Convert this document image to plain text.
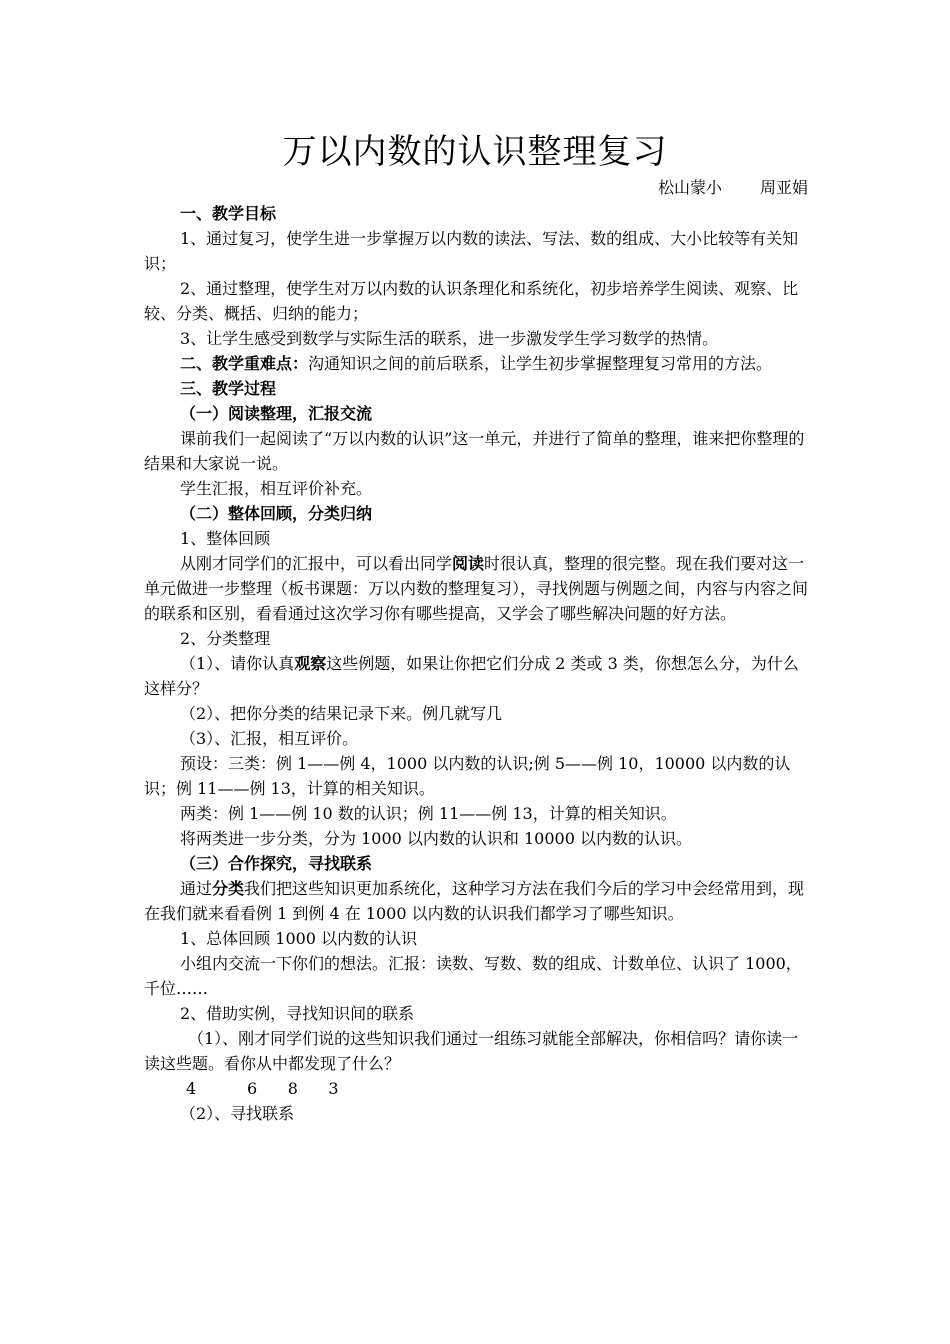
万以内数的认识整理复习
松山蒙小 周亚娟

一、教学目标

1、通过复习，使学生进一步掌握万以内数的读法、写法、数的组成、大小比较等有关知识；

2、通过整理，使学生对万以内数的认识条理化和系统化，初步培养学生阅读、观察、比较、分类、概括、归纳的能力；

3、让学生感受到数学与实际生活的联系，进一步激发学生学习数学的热情。

二、教学重难点：沟通知识之间的前后联系，让学生初步掌握整理复习常用的方法。

三、教学过程

（一）阅读整理，汇报交流

课前我们一起阅读了“万以内数的认识”这一单元，并进行了简单的整理，谁来把你整理的结果和大家说一说。

学生汇报，相互评价补充。

（二）整体回顾，分类归纳

1、整体回顾

从刚才同学们的汇报中，可以看出同学阅读时很认真，整理的很完整。现在我们要对这一单元做进一步整理（板书课题：万以内数的整理复习），寻找例题与例题之间，内容与内容之间的联系和区别，看看通过这次学习你有哪些提高，又学会了哪些解决问题的好方法。

2、分类整理

（1）、请你认真观察这些例题，如果让你把它们分成 2 类或 3 类，你想怎么分，为什么这样分？

（2）、把你分类的结果记录下来。例几就写几

（3）、汇报，相互评价。

预设：三类：例 1——例 4，1000 以内数的认识;例 5——例 10，10000 以内数的认识；例 11——例 13，计算的相关知识。

两类：例 1——例 10 数的认识；例 11——例 13，计算的相关知识。

将两类进一步分类，分为 1000 以内数的认识和 10000 以内数的认识。

（三）合作探究，寻找联系

通过分类我们把这些知识更加系统化，这种学习方法在我们今后的学习中会经常用到，现在我们就来看看例 1 到例 4 在 1000 以内数的认识我们都学习了哪些知识。

1、总体回顾 1000 以内数的认识

小组内交流一下你们的想法。汇报：读数、写数、数的组成、计数单位、认识了 1000，千位……

2、借助实例，寻找知识间的联系

（1）、刚才同学们说的这些知识我们通过一组练习就能全部解决，你相信吗？请你读一读这些题。看你从中都发现了什么？

4          6      8      3

（2）、寻找联系
